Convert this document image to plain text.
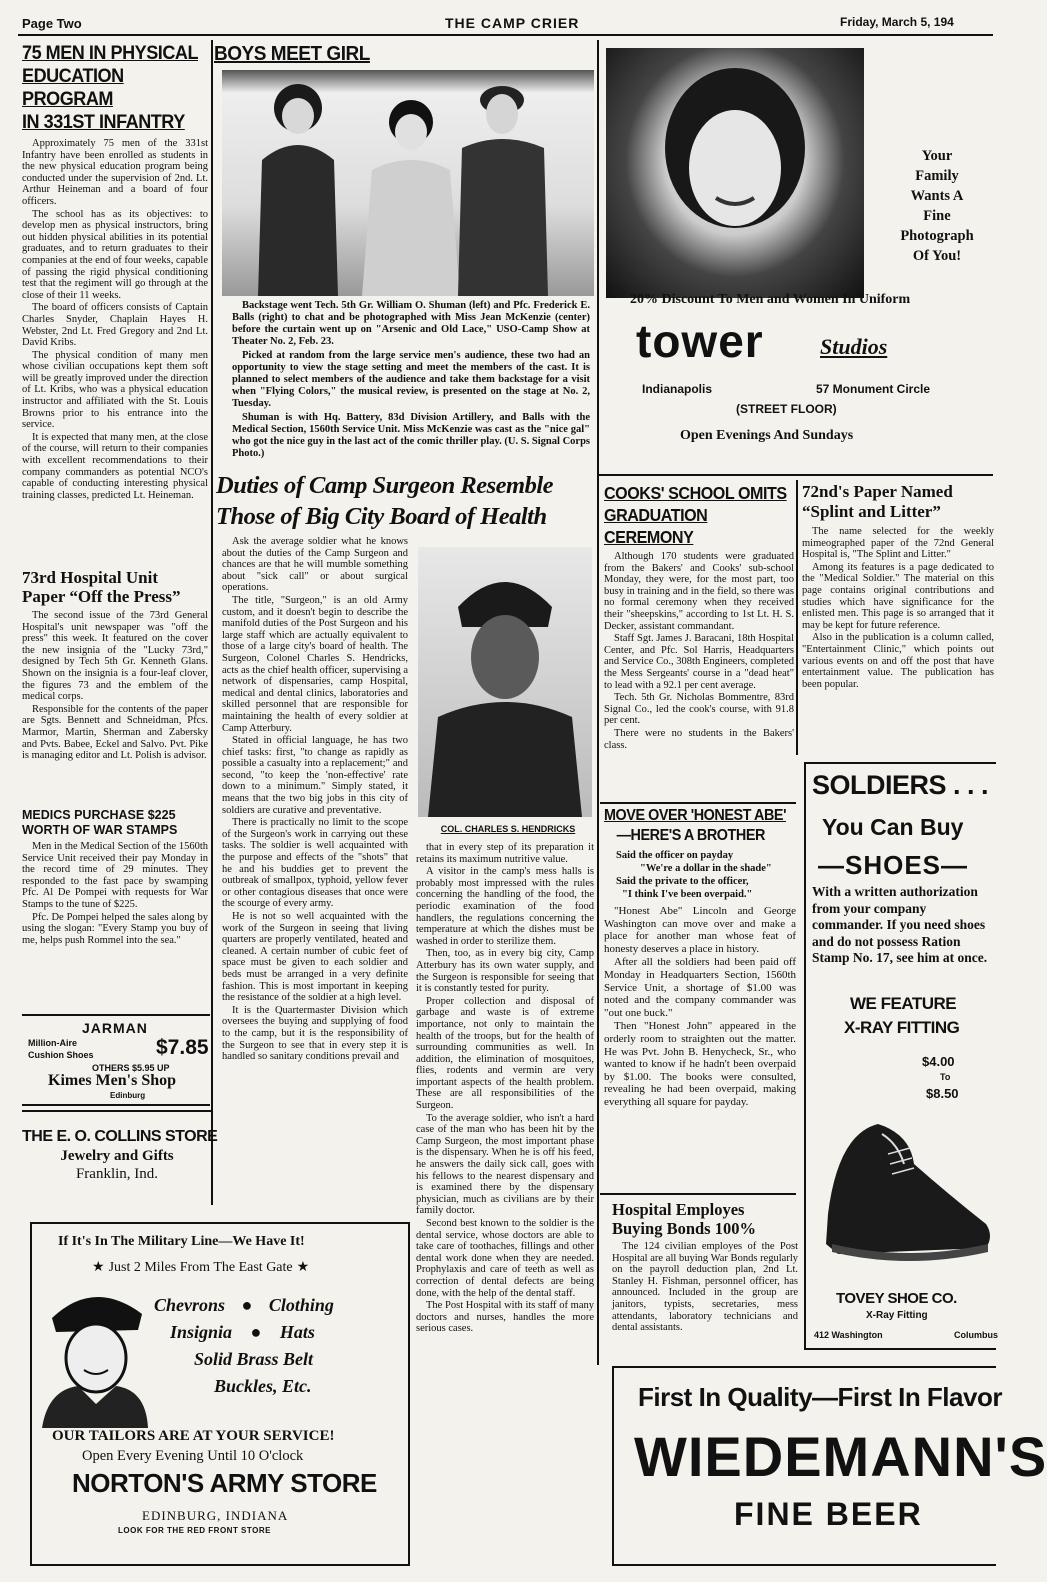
Page Two	THE CAMP CRIER	Friday, March 5, 194
75 MEN IN PHYSICAL
EDUCATION PROGRAM
IN 331ST INFANTRY

Approximately 75 men of the 331st Infantry have been enrolled as students in the new physical education program being conducted under the supervision of 2nd. Lt. Arthur Heineman and a board of four officers.

The school has as its objectives: to develop men as physical instructors, bring out hidden physical abilities in its potential graduates, and to return graduates to their companies at the end of four weeks, capable of passing the rigid physical conditioning test that the regiment will go through at the close of their 11 weeks.

The board of officers consists of Captain Charles Snyder, Chaplain Hayes H. Webster, 2nd Lt. Fred Gregory and 2nd Lt. David Kribs.

The physical condition of many men whose civilian occupations kept them soft will be greatly improved under the direction of Lt. Kribs, who was a physical education instructor and affiliated with the St. Louis Browns prior to his entrance into the service.

It is expected that many men, at the close of the course, will return to their companies with excellent recommendations to their company commanders as potential NCO's capable of conducting interesting physical training classes, predicted Lt. Heineman.

73rd Hospital Unit
Paper “Off the Press”

The second issue of the 73rd General Hospital's unit newspaper was "off the press" this week. It featured on the cover the new insignia of the "Lucky 73rd," designed by Tech 5th Gr. Kenneth Glans. Shown on the insignia is a four-leaf clover, the figures 73 and the emblem of the medical corps.

Responsible for the contents of the paper are Sgts. Bennett and Schneidman, Pfcs. Marmor, Martin, Sherman and Zabersky and Pvts. Babee, Eckel and Salvo. Pvt. Pike is managing editor and Lt. Polish is advisor.

MEDICS PURCHASE $225
WORTH OF WAR STAMPS

Men in the Medical Section of the 1560th Service Unit received their pay Monday in the record time of 29 minutes. They responded to the fast pace by swamping Pfc. Al De Pompei with requests for War Stamps to the tune of $225.

Pfc. De Pompei helped the sales along by using the slogan: "Every Stamp you buy of me, helps push Rommel into the sea."

JARMAN
Million-Aire
Cushion Shoes	$7.85
OTHERS $5.95 UP
Kimes Men's Shop
Edinburg
THE E. O. COLLINS STORE
Jewelry and Gifts
Franklin, Ind.
BOYS MEET GIRL

Backstage went Tech. 5th Gr. William O. Shuman (left) and Pfc. Frederick E. Balls (right) to chat and be photographed with Miss Jean McKenzie (center) before the curtain went up on "Arsenic and Old Lace," USO-Camp Show at Theater No. 2, Feb. 23.

Picked at random from the large service men's audience, these two had an opportunity to view the stage setting and meet the members of the cast. It is planned to select members of the audience and take them backstage for a visit when "Flying Colors," the musical review, is presented on the stage at No. 2, Tuesday.

Shuman is with Hq. Battery, 83d Division Artillery, and Balls with the Medical Section, 1560th Service Unit. Miss McKenzie was cast as the "nice gal" who got the nice guy in the last act of the comic thriller play. (U. S. Signal Corps Photo.)

Duties of Camp Surgeon Resemble
Those of Big City Board of Health

Ask the average soldier what he knows about the duties of the Camp Surgeon and chances are that he will mumble something about "sick call" or about surgical operations.

The title, "Surgeon," is an old Army custom, and it doesn't begin to describe the manifold duties of the Post Surgeon and his large staff which are actually equivalent to those of a large city's board of health. The Surgeon, Colonel Charles S. Hendricks, acts as the chief health officer, supervising a network of dispensaries, camp Hospital, medical and dental clinics, laboratories and skilled personnel that are responsible for maintaining the health of every soldier at Camp Atterbury.

Stated in official language, he has two chief tasks: first, "to change as rapidly as possible a casualty into a replacement;" and second, "to keep the 'non-effective' rate down to a minimum." Simply stated, it means that the two big jobs in this city of soldiers are curative and preventative.

There is practically no limit to the scope of the Surgeon's work in carrying out these tasks. The soldier is well acquainted with the purpose and effects of the "shots" that he and his buddies get to prevent the outbreak of smallpox, typhoid, yellow fever or other contagious diseases that once were the scourge of every army.

He is not so well acquainted with the work of the Surgeon in seeing that living quarters are properly ventilated, heated and cleaned. A certain number of cubic feet of space must be given to each soldier and beds must be arranged in a very definite fashion. This is most important in keeping the resistance of the soldier at a high level.

It is the Quartermaster Division which oversees the buying and supplying of food to the camp, but it is the responsibility of the Surgeon to see that in every step it is handled so sanitary conditions prevail and

COL. CHARLES S. HENDRICKS

that in every step of its preparation it retains its maximum nutritive value.

A visitor in the camp's mess halls is probably most impressed with the rules concerning the handling of the food, the periodic examination of the food handlers, the regulations concerning the temperature at which the dishes must be washed in order to sterilize them.

Then, too, as in every big city, Camp Atterbury has its own water supply, and the Surgeon is responsible for seeing that it is constantly tested for purity.

Proper collection and disposal of garbage and waste is of extreme importance, not only to maintain the health of the troops, but for the health of surrounding communities as well. In addition, the elimination of mosquitoes, flies, rodents and vermin are very important aspects of the health problem. These are all responsibilities of the Surgeon.

To the average soldier, who isn't a hard case of the man who has been hit by the Camp Surgeon, the most important phase is the dispensary. When he is off his feed, he answers the daily sick call, goes with his fellows to the nearest dispensary and is examined there by the dispensary physician, much as civilians are by their family doctor.

Second best known to the soldier is the dental service, whose doctors are able to take care of toothaches, fillings and other dental work done when they are needed. Prophylaxis and care of teeth as well as correction of dental defects are being done, with the help of the dental staff.

The Post Hospital with its staff of many doctors and nurses, handles the more serious cases.

Your
Family
Wants A
Fine
Photograph
Of You!
20% Discount To Men and Women In Uniform
tower	Studios
Indianapolis	57 Monument Circle
(STREET FLOOR)
Open Evenings And Sundays
COOKS' SCHOOL OMITS
GRADUATION CEREMONY

Although 170 students were graduated from the Bakers' and Cooks' sub-school Monday, they were, for the most part, too busy in training and in the field, so there was no formal ceremony when they received their "sheepskins," according to 1st Lt. H. S. Decker, assistant commandant.

Staff Sgt. James J. Baracani, 18th Hospital Center, and Pfc. Sol Harris, Headquarters and Service Co., 308th Engineers, completed the Mess Sergeants' course in a "dead heat" to lead with a 92.1 per cent average.

Tech. 5th Gr. Nicholas Bommentre, 83rd Signal Co., led the cook's course, with 91.8 per cent.

There were no students in the Bakers' class.

MOVE OVER 'HONEST ABE'
—HERE'S A BROTHER
Said the officer on payday
"We're a dollar in the shade"
Said the private to the officer,
"I think I've been overpaid."

"Honest Abe" Lincoln and George Washington can move over and make a place for another man whose feat of honesty deserves a place in history.

After all the soldiers had been paid off Monday in Headquarters Section, 1560th Service Unit, a shortage of $1.00 was noted and the company commander was "out one buck."

Then "Honest John" appeared in the orderly room to straighten out the matter. He was Pvt. John B. Henycheck, Sr., who wanted to know if he hadn't been overpaid by $1.00. The books were consulted, revealing he had been overpaid, making everything all square for payday.

Hospital Employes
Buying Bonds 100%

The 124 civilian employes of the Post Hospital are all buying War Bonds regularly on the payroll deduction plan, 2nd Lt. Stanley H. Fishman, personnel officer, has announced. Included in the group are janitors, typists, secretaries, mess attendants, laboratory technicians and dental assistants.

72nd's Paper Named
“Splint and Litter”

The name selected for the weekly mimeographed paper of the 72nd General Hospital is, "The Splint and Litter."

Among its features is a page dedicated to the "Medical Soldier." The material on this page contains original contributions and studies which have significance for the enlisted men. This page is so arranged that it may be kept for future reference.

Also in the publication is a column called, "Entertainment Clinic," which points out various events on and off the post that have entertainment value. The publication has been popular.

SOLDIERS . . .
You Can Buy
—SHOES—
With a written authorization from your company commander. If you need shoes and do not possess Ration Stamp No. 17, see him at once.
WE FEATURE
X-RAY FITTING
$4.00
To
$8.50
TOVEY SHOE CO.
X-Ray Fitting
412 Washington	Columbus
If It's In The Military Line—We Have It!
★ Just 2 Miles From The East Gate ★
Chevrons ● Clothing
Insignia ● Hats
Solid Brass Belt
Buckles, Etc.
OUR TAILORS ARE AT YOUR SERVICE!
Open Every Evening Until 10 O'clock
NORTON'S ARMY STORE
EDINBURG, INDIANA
LOOK FOR THE RED FRONT STORE
First In Quality—First In Flavor
WIEDEMANN'S
FINE BEER
